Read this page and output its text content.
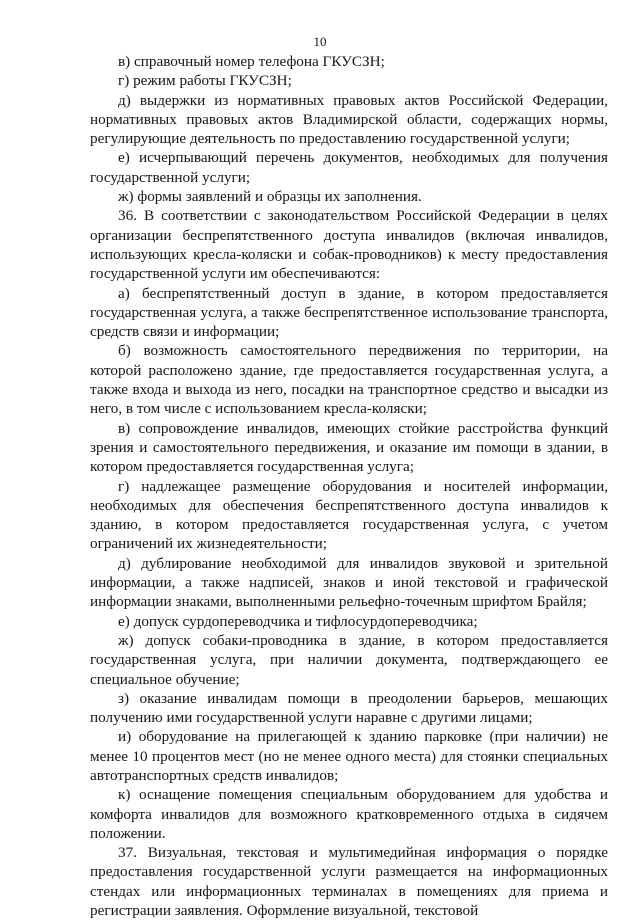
10

в) справочный номер телефона ГКУСЗН;

г) режим работы ГКУСЗН;

д) выдержки из нормативных правовых актов Российской Федерации, нормативных правовых актов Владимирской области, содержащих нормы, регулирующие деятельность по предоставлению государственной услуги;

е) исчерпывающий перечень документов, необходимых для получения государственной услуги;

ж) формы заявлений и образцы их заполнения.

36. В соответствии с законодательством Российской Федерации в целях организации беспрепятственного доступа инвалидов (включая инвалидов, использующих кресла-коляски и собак-проводников) к месту предоставления государственной услуги им обеспечиваются:

а) беспрепятственный доступ в здание, в котором предоставляется государственная услуга, а также беспрепятственное использование транспорта, средств связи и информации;

б) возможность самостоятельного передвижения по территории, на которой расположено здание, где предоставляется государственная услуга, а также входа и выхода из него, посадки на транспортное средство и высадки из него, в том числе с использованием кресла-коляски;

в) сопровождение инвалидов, имеющих стойкие расстройства функций зрения и самостоятельного передвижения, и оказание им помощи в здании, в котором предоставляется государственная услуга;

г) надлежащее размещение оборудования и носителей информации, необходимых для обеспечения беспрепятственного доступа инвалидов к зданию, в котором предоставляется государственная услуга, с учетом ограничений их жизнедеятельности;

д) дублирование необходимой для инвалидов звуковой и зрительной информации, а также надписей, знаков и иной текстовой и графической информации знаками, выполненными рельефно-точечным шрифтом Брайля;

е) допуск сурдопереводчика и тифлосурдопереводчика;

ж) допуск собаки-проводника в здание, в котором предоставляется государственная услуга, при наличии документа, подтверждающего ее специальное обучение;

з) оказание инвалидам помощи в преодолении барьеров, мешающих получению ими государственной услуги наравне с другими лицами;

и) оборудование на прилегающей к зданию парковке (при наличии) не менее 10 процентов мест (но не менее одного места) для стоянки специальных автотранспортных средств инвалидов;

к) оснащение помещения специальным оборудованием для удобства и комфорта инвалидов для возможного кратковременного отдыха в сидячем положении.

37. Визуальная, текстовая и мультимедийная информация о порядке предоставления государственной услуги размещается на информационных стендах или информационных терминалах в помещениях для приема и регистрации заявления. Оформление визуальной, текстовой
